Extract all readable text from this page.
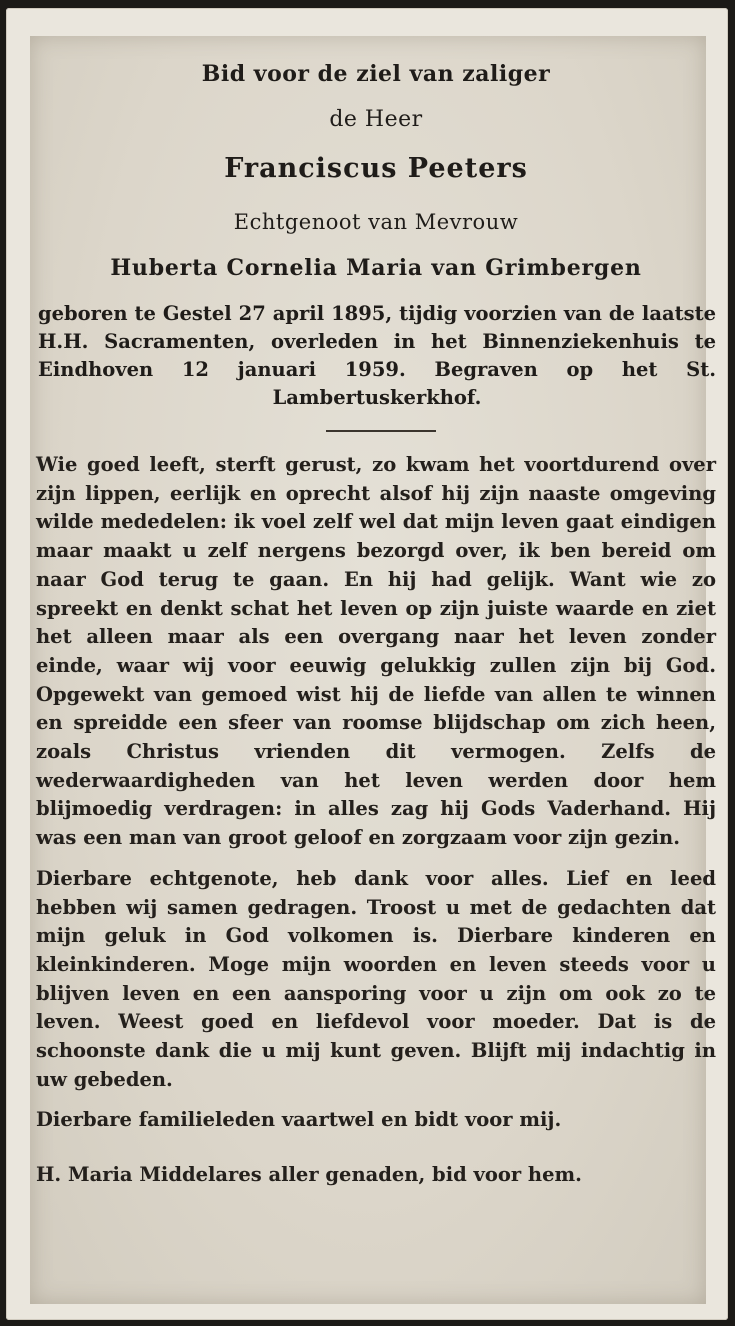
Bid voor de ziel van zaliger
de Heer
Franciscus Peeters
Echtgenoot van Mevrouw
Huberta Cornelia Maria van Grimbergen
geboren te Gestel 27 april 1895, tijdig voorzien van de laatste H.H. Sacramenten, overleden in het Binnenziekenhuis te Eindhoven 12 januari 1959. Begraven op het St. Lambertuskerkhof.

Wie goed leeft, sterft gerust, zo kwam het voortdurend over zijn lippen, eerlijk en oprecht alsof hij zijn naaste omgeving wilde mededelen: ik voel zelf wel dat mijn leven gaat eindigen maar maakt u zelf nergens bezorgd over, ik ben bereid om naar God terug te gaan. En hij had gelijk. Want wie zo spreekt en denkt schat het leven op zijn juiste waarde en ziet het alleen maar als een overgang naar het leven zonder einde, waar wij voor eeuwig gelukkig zullen zijn bij God. Opgewekt van gemoed wist hij de liefde van allen te winnen en spreidde een sfeer van roomse blijdschap om zich heen, zoals Christus vrienden dit vermogen. Zelfs de wederwaardigheden van het leven werden door hem blijmoedig verdragen: in alles zag hij Gods Vaderhand. Hij was een man van groot geloof en zorgzaam voor zijn gezin.

Dierbare echtgenote, heb dank voor alles. Lief en leed hebben wij samen gedragen. Troost u met de gedachten dat mijn geluk in God volkomen is. Dierbare kinderen en kleinkinderen. Moge mijn woorden en leven steeds voor u blijven leven en een aansporing voor u zijn om ook zo te leven. Weest goed en liefdevol voor moeder. Dat is de schoonste dank die u mij kunt geven. Blijft mij indachtig in uw gebeden.

Dierbare familieleden vaartwel en bidt voor mij.

H. Maria Middelares aller genaden, bid voor hem.
